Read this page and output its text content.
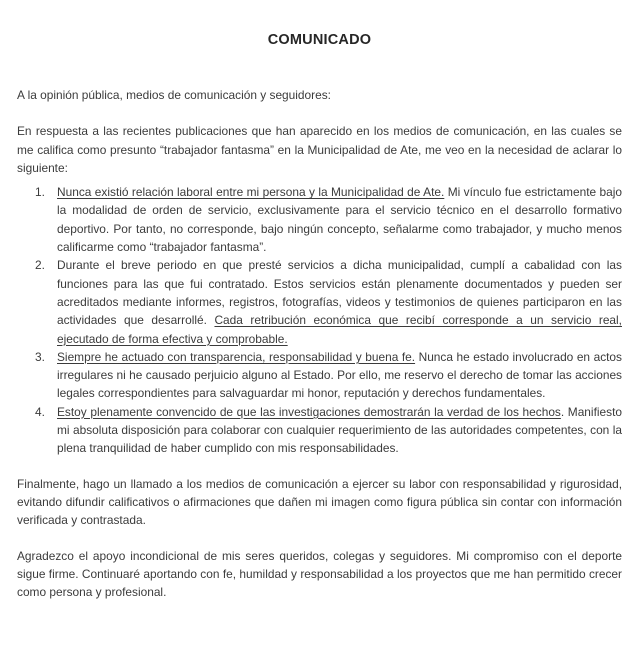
COMUNICADO

A la opinión pública, medios de comunicación y seguidores:

En respuesta a las recientes publicaciones que han aparecido en los medios de comunicación, en las cuales se me califica como presunto “trabajador fantasma” en la Municipalidad de Ate, me veo en la necesidad de aclarar lo siguiente:

1.	Nunca existió relación laboral entre mi persona y la Municipalidad de Ate. Mi vínculo fue estrictamente bajo la modalidad de orden de servicio, exclusivamente para el servicio técnico en el desarrollo formativo deportivo. Por tanto, no corresponde, bajo ningún concepto, señalarme como trabajador, y mucho menos calificarme como “trabajador fantasma”.
2.	Durante el breve periodo en que presté servicios a dicha municipalidad, cumplí a cabalidad con las funciones para las que fui contratado. Estos servicios están plenamente documentados y pueden ser acreditados mediante informes, registros, fotografías, videos y testimonios de quienes participaron en las actividades que desarrollé. Cada retribución económica que recibí corresponde a un servicio real, ejecutado de forma efectiva y comprobable.
3.	Siempre he actuado con transparencia, responsabilidad y buena fe. Nunca he estado involucrado en actos irregulares ni he causado perjuicio alguno al Estado. Por ello, me reservo el derecho de tomar las acciones legales correspondientes para salvaguardar mi honor, reputación y derechos fundamentales.
4.	Estoy plenamente convencido de que las investigaciones demostrarán la verdad de los hechos. Manifiesto mi absoluta disposición para colaborar con cualquier requerimiento de las autoridades competentes, con la plena tranquilidad de haber cumplido con mis responsabilidades.

Finalmente, hago un llamado a los medios de comunicación a ejercer su labor con responsabilidad y rigurosidad, evitando difundir calificativos o afirmaciones que dañen mi imagen como figura pública sin contar con información verificada y contrastada.

Agradezco el apoyo incondicional de mis seres queridos, colegas y seguidores. Mi compromiso con el deporte sigue firme. Continuaré aportando con fe, humildad y responsabilidad a los proyectos que me han permitido crecer como persona y profesional.
